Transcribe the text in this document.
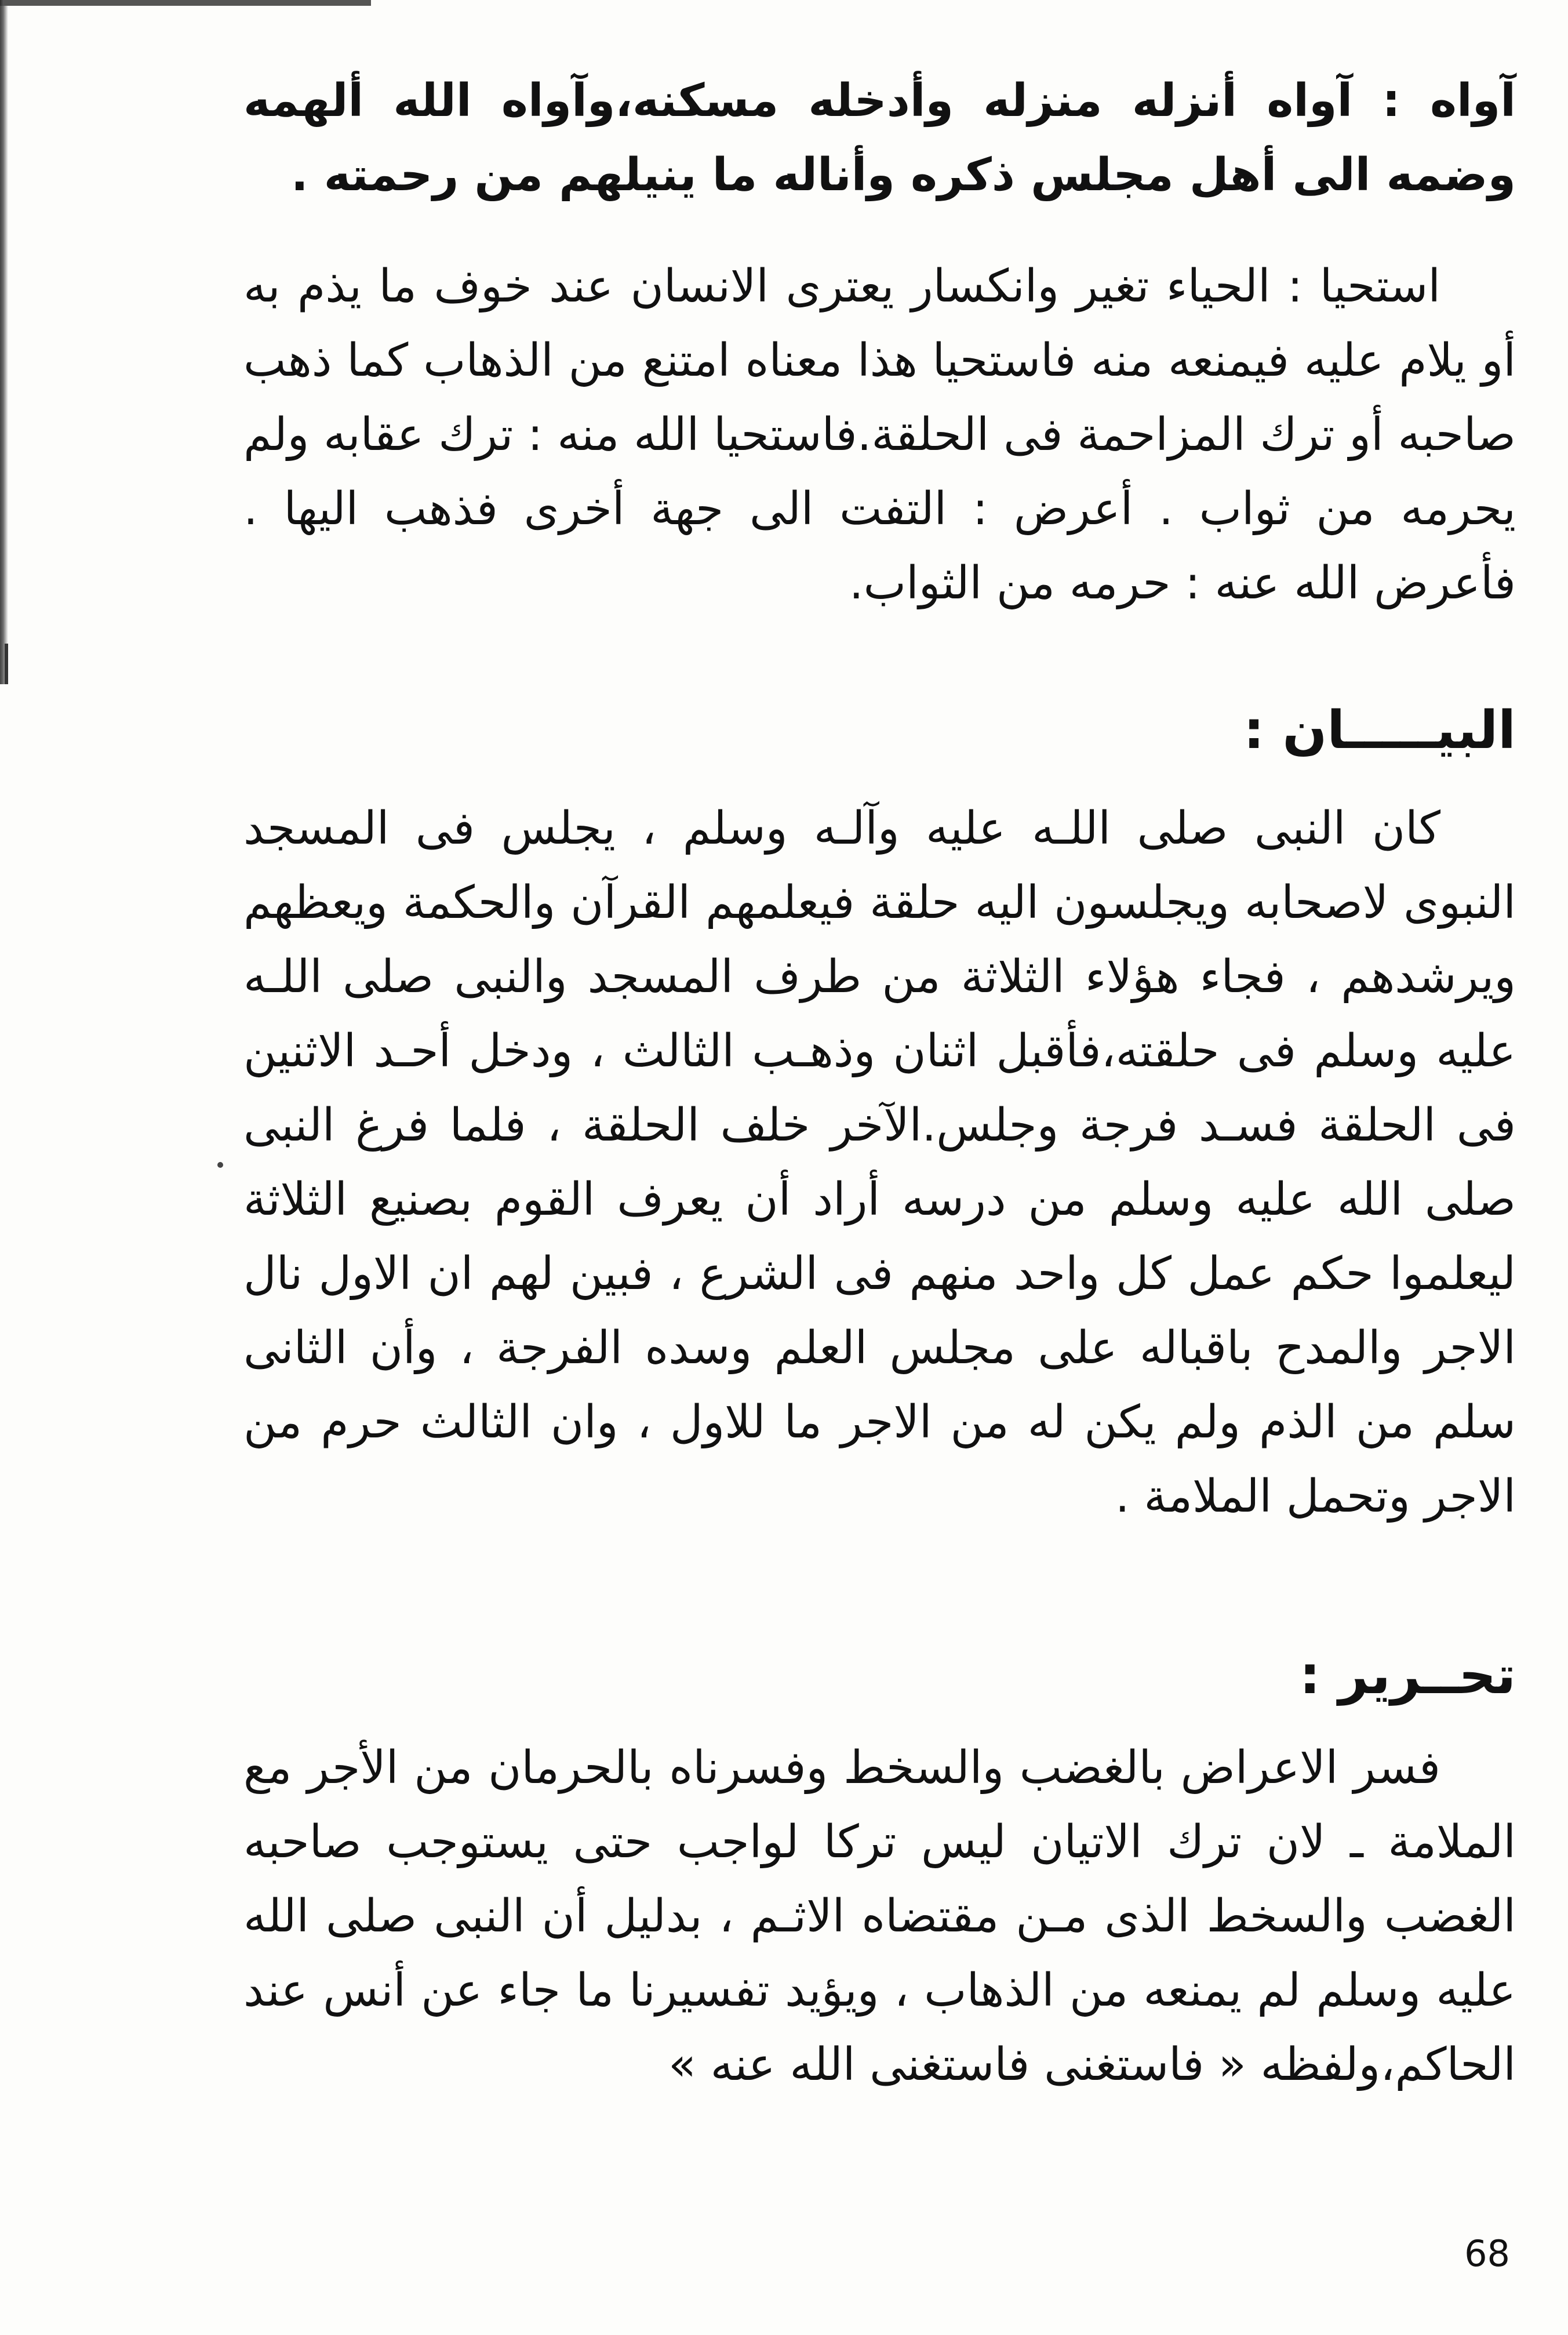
آواه : آواه أنزله منزله وأدخله مسكنه،وآواه الله ألهمه وضمه الى أهل مجلس ذكره وأناله ما ينيلهم من رحمته .

استحيا : الحياء تغير وانكسار يعترى الانسان عند خوف ما يذم به أو يلام عليه فيمنعه منه فاستحيا هذا معناه امتنع من الذهاب كما ذهب صاحبه أو ترك المزاحمة فى الحلقة.فاستحيا الله منه : ترك عقابه ولم يحرمه من ثواب . أعرض : التفت الى جهة أخرى فذهب اليها . فأعرض الله عنه : حرمه من الثواب.

البيـــــان :

كان النبى صلى اللـه عليه وآلـه وسلم ، يجلس فى المسجد النبوى لاصحابه ويجلسون اليه حلقة فيعلمهم القرآن والحكمة ويعظهم ويرشدهم ، فجاء هؤلاء الثلاثة من طرف المسجد والنبى صلى اللـه عليه وسلم فى حلقته،فأقبل اثنان وذهـب الثالث ، ودخل أحـد الاثنين فى الحلقة فسـد فرجة وجلس.الآخر خلف الحلقة ، فلما فرغ النبى صلى الله عليه وسلم من درسه أراد أن يعرف القوم بصنيع الثلاثة ليعلموا حكم عمل كل واحد منهم فى الشرع ، فبين لهم ان الاول نال الاجر والمدح باقباله على مجلس العلم وسده الفرجة ، وأن الثانى سلم من الذم ولم يكن له من الاجر ما للاول ، وان الثالث حرم من الاجر وتحمل الملامة .

تحــرير :

فسر الاعراض بالغضب والسخط وفسرناه بالحرمان من الأجر مع الملامة ـ لان ترك الاتيان ليس تركا لواجب حتى يستوجب صاحبه الغضب والسخط الذى مـن مقتضاه الاثـم ، بدليل أن النبى صلى الله عليه وسلم لم يمنعه من الذهاب ، ويؤيد تفسيرنا ما جاء عن أنس عند الحاكم،ولفظه « فاستغنى فاستغنى الله عنه »

68
